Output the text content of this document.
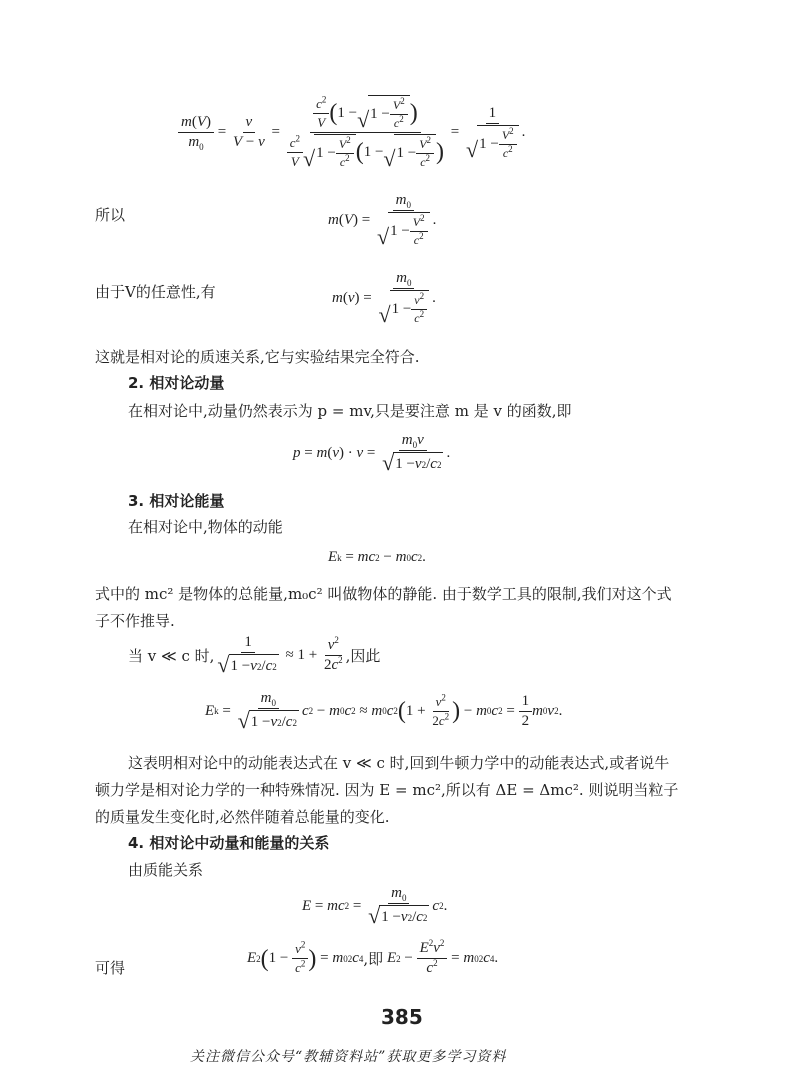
$\frac{m(V)}{m_0} = \frac{v}{V - v} = \frac{\frac{c^2}{V} ( 1 - √ 1 - \frac{V^2}{c^2} )}{\frac{c^2}{V} √ 1 - \frac{V^2}{c^2} ( 1 - √ 1 - \frac{V^2}{c^2} )} = \frac{1}{√ 1 - \frac{V^2}{c^2}}$ .
所以	m ( V ) = $\frac{m_0}{√ 1 - \frac{V^2}{c^2}}$ .
由于V的任意性,有	m ( v ) = $\frac{m_0}{√ 1 - \frac{v^2}{c^2}}$ .
这就是相对论的质速关系,它与实验结果完全符合.
2. 相对论动量
在相对论中,动量仍然表示为 p = mv,只是要注意 m 是 v 的函数,即
p = m ( v ) · $v = \frac{m_0v}{√ 1 - v 2 / c 2}$ .
3. 相对论能量
在相对论中,物体的动能
E k = mc 2 − m 0 c 2 .
式中的 mc² 是物体的总能量,m₀c² 叫做物体的静能. 由于数学工具的限制,我们对这个式
子不作推导.
当 v ≪ c 时, $\frac{1}{√ 1 - v 2 / c 2} \approx 1 + \frac{v^2}{2c^2}$ ,因此
E $k = \frac{m_0}{√ 1 - v 2 / c 2}$ c 2 − m 0 c 2 ≈ m 0 c 2 ( $1 + \frac{v^2}{2c^2}$ ) − m 0 c $2 = \frac{1}{2}$ m 0 v 2 .
这表明相对论中的动能表达式在 v ≪ c 时,回到牛顿力学中的动能表达式,或者说牛
顿力学是相对论力学的一种特殊情况. 因为 E = mc²,所以有 ΔE = Δmc². 则说明当粒子
的质量发生变化时,必然伴随着总能量的变化.
4. 相对论中动量和能量的关系
由质能关系
E = mc $2 = \frac{m_0}{√ 1 - v 2 / c 2}$ c 2 .
可得
E 2 ( $1 - \frac{v^2}{c^2}$ ) = m 0 2 c 4 ,即
E $2 - \frac{E^2v^2}{c^2} = m$ 0 2 c 4 .
385
关注微信公众号“教辅资料站”获取更多学习资料
